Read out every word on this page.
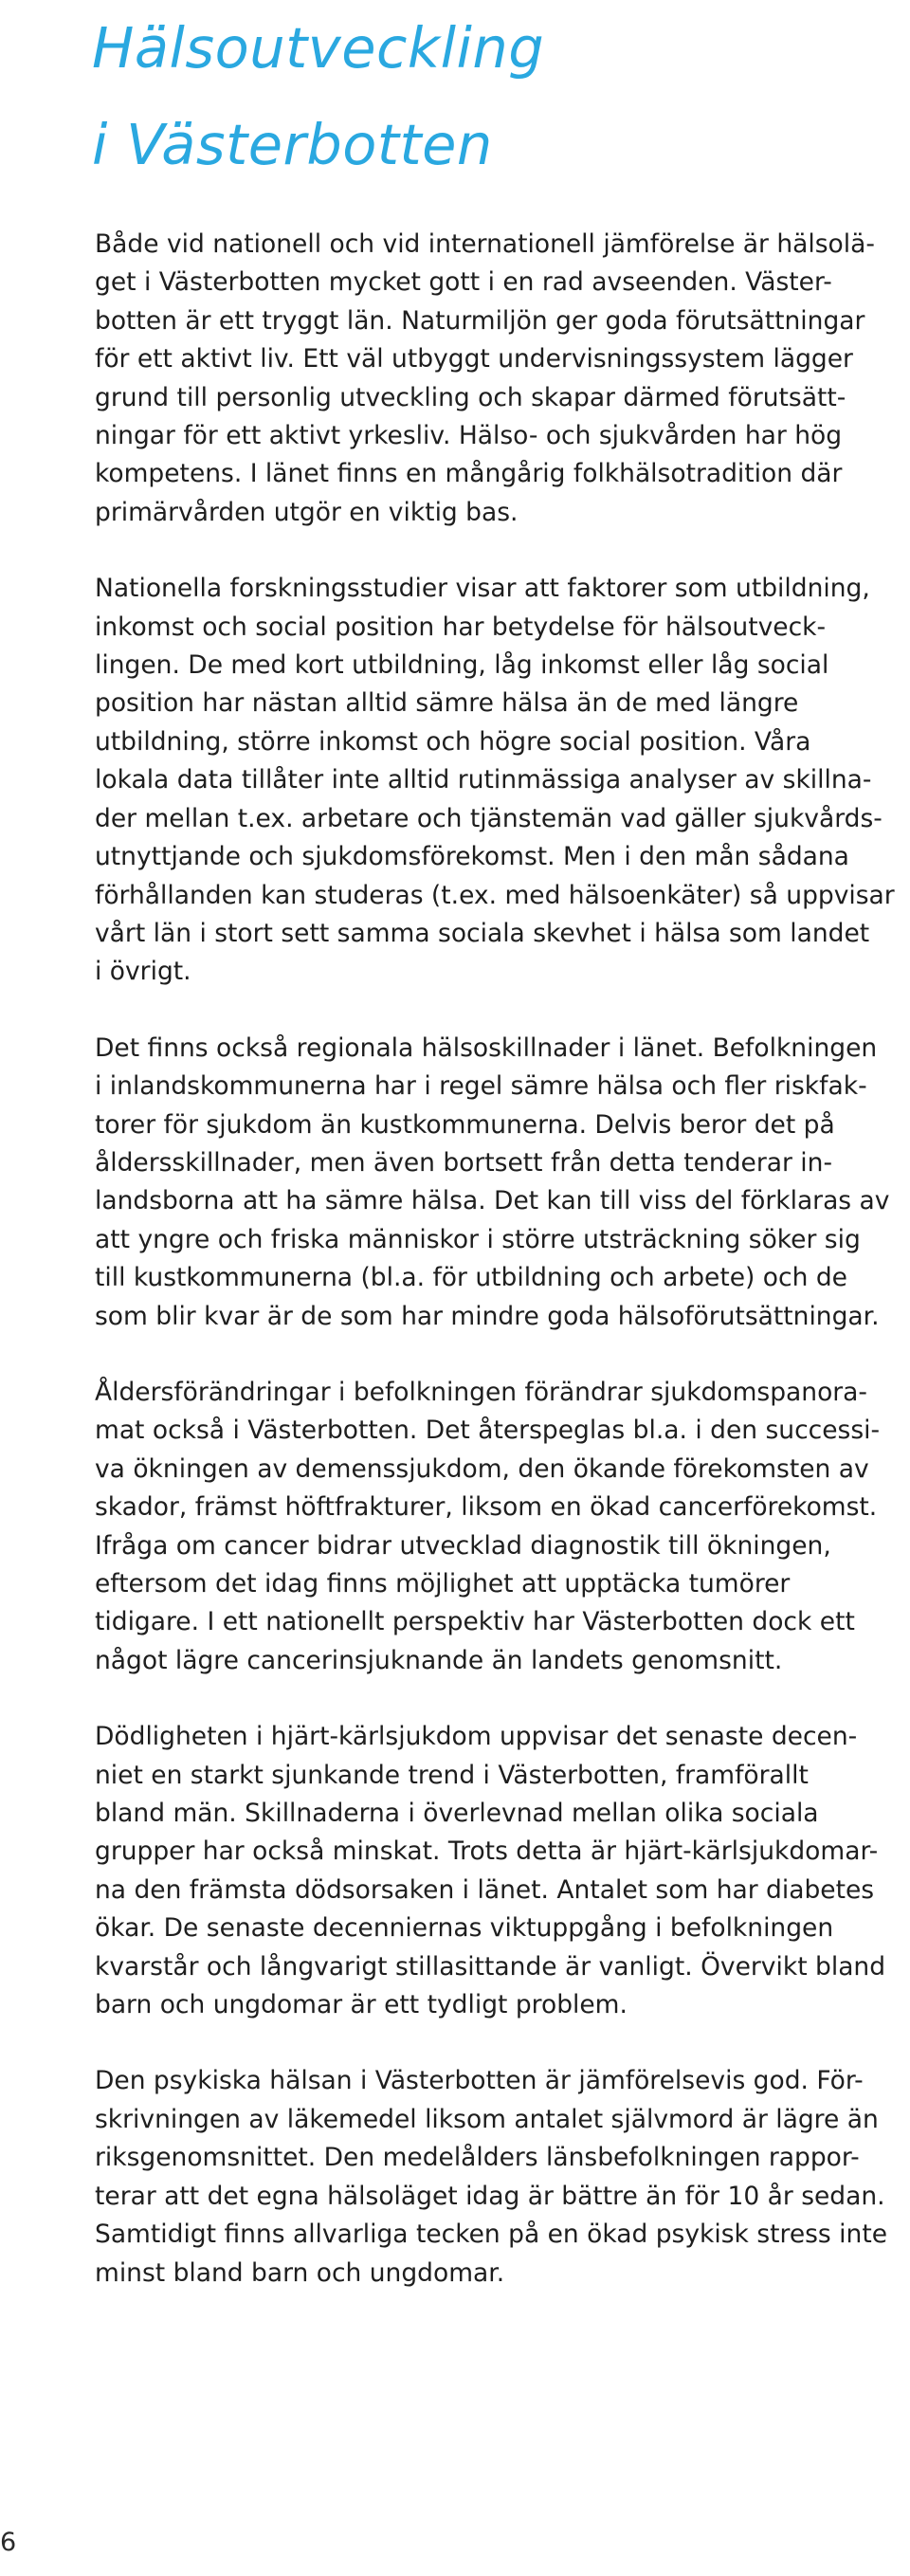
Hälsoutveckling
i Västerbotten

Både vid nationell och vid internationell jämförelse är hälsolä-
get i Västerbotten mycket gott i en rad avseenden. Väster-
botten är ett tryggt län. Naturmiljön ger goda förutsättningar
för ett aktivt liv. Ett väl utbyggt undervisningssystem lägger
grund till personlig utveckling och skapar därmed förutsätt-
ningar för ett aktivt yrkesliv. Hälso- och sjukvården har hög
kompetens. I länet finns en mångårig folkhälsotradition där
primärvården utgör en viktig bas.

Nationella forskningsstudier visar att faktorer som utbildning,
inkomst och social position har betydelse för hälsoutveck-
lingen. De med kort utbildning, låg inkomst eller låg social
position har nästan alltid sämre hälsa än de med längre
utbildning, större inkomst och högre social position. Våra
lokala data tillåter inte alltid rutinmässiga analyser av skillna-
der mellan t.ex. arbetare och tjänstemän vad gäller sjukvårds-
utnyttjande och sjukdomsförekomst. Men i den mån sådana
förhållanden kan studeras (t.ex. med hälsoenkäter) så uppvisar
vårt län i stort sett samma sociala skevhet i hälsa som landet
i övrigt.

Det finns också regionala hälsoskillnader i länet. Befolkningen
i inlandskommunerna har i regel sämre hälsa och fler riskfak-
torer för sjukdom än kustkommunerna. Delvis beror det på
åldersskillnader, men även bortsett från detta tenderar in-
landsborna att ha sämre hälsa. Det kan till viss del förklaras av
att yngre och friska människor i större utsträckning söker sig
till kustkommunerna (bl.a. för utbildning och arbete) och de
som blir kvar är de som har mindre goda hälsoförutsättningar.

Åldersförändringar i befolkningen förändrar sjukdomspanora-
mat också i Västerbotten. Det återspeglas bl.a. i den successi-
va ökningen av demenssjukdom, den ökande förekomsten av
skador, främst höftfrakturer, liksom en ökad cancerförekomst.
Ifråga om cancer bidrar utvecklad diagnostik till ökningen,
eftersom det idag finns möjlighet att upptäcka tumörer
tidigare. I ett nationellt perspektiv har Västerbotten dock ett
något lägre cancerinsjuknande än landets genomsnitt.

Dödligheten i hjärt-kärlsjukdom uppvisar det senaste decen-
niet en starkt sjunkande trend i Västerbotten, framförallt
bland män. Skillnaderna i överlevnad mellan olika sociala
grupper har också minskat. Trots detta är hjärt-kärlsjukdomar-
na den främsta dödsorsaken i länet. Antalet som har diabetes
ökar. De senaste decenniernas viktuppgång i befolkningen
kvarstår och långvarigt stillasittande är vanligt. Övervikt bland
barn och ungdomar är ett tydligt problem.

Den psykiska hälsan i Västerbotten är jämförelsevis god. För-
skrivningen av läkemedel liksom antalet självmord är lägre än
riksgenomsnittet. Den medelålders länsbefolkningen rappor-
terar att det egna hälsoläget idag är bättre än för 10 år sedan.
Samtidigt finns allvarliga tecken på en ökad psykisk stress inte
minst bland barn och ungdomar.

6
